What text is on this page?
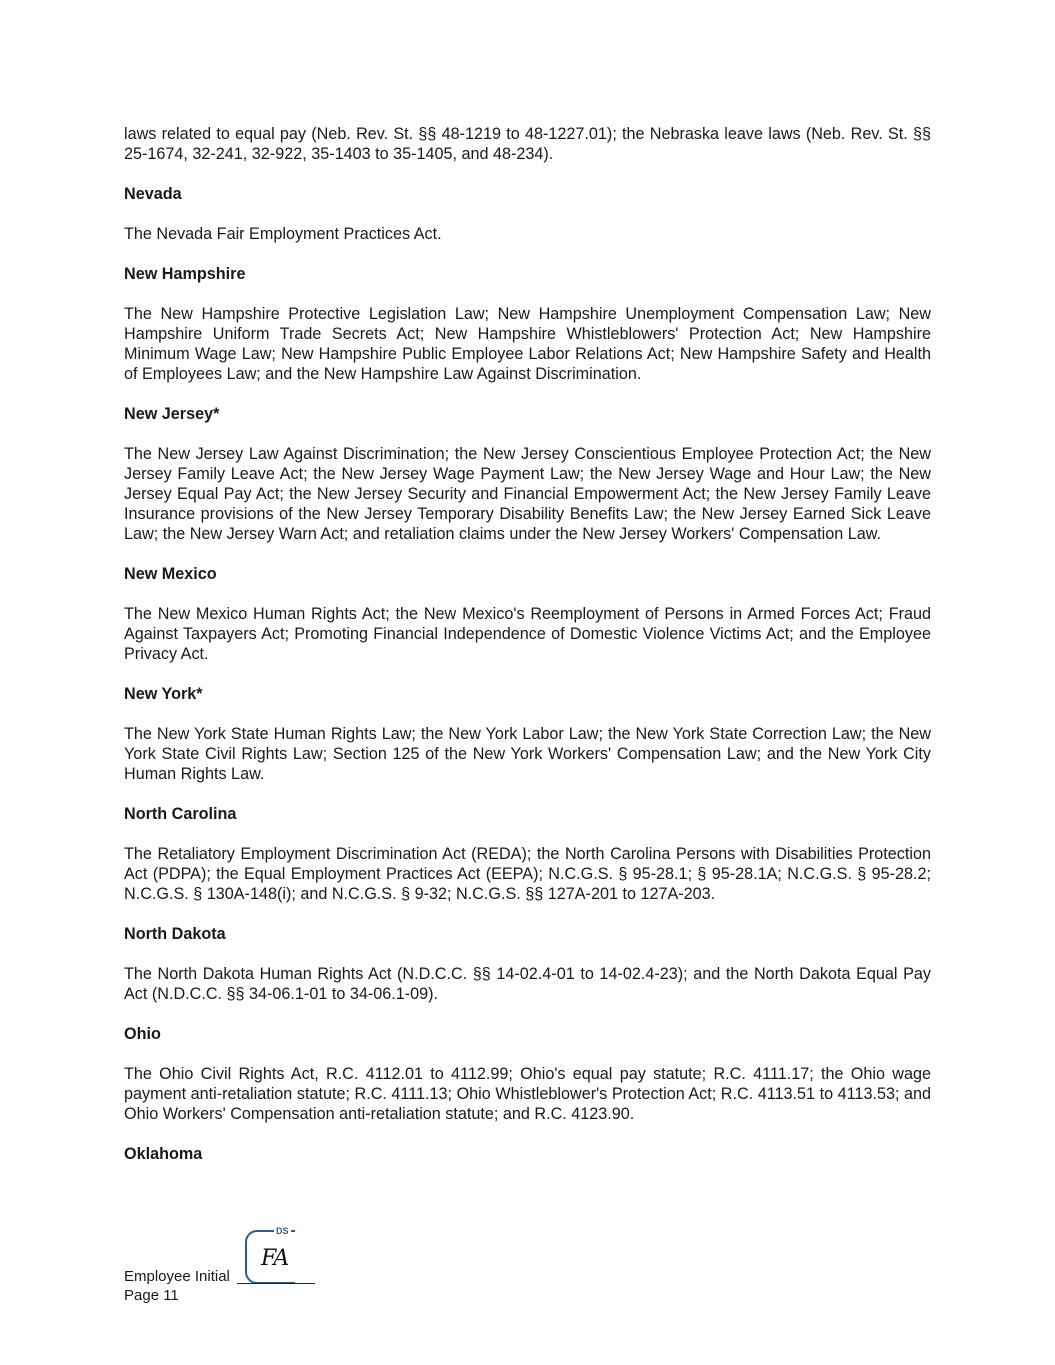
laws related to equal pay (Neb. Rev. St. §§ 48-1219 to 48-1227.01); the Nebraska leave laws (Neb. Rev. St. §§ 25-1674, 32-241, 32-922, 35-1403 to 35-1405, and 48-234).

Nevada

The Nevada Fair Employment Practices Act.

New Hampshire

The New Hampshire Protective Legislation Law; New Hampshire Unemployment Compensation Law; New Hampshire Uniform Trade Secrets Act; New Hampshire Whistleblowers' Protection Act; New Hampshire Minimum Wage Law; New Hampshire Public Employee Labor Relations Act; New Hampshire Safety and Health of Employees Law; and the New Hampshire Law Against Discrimination.

New Jersey*

The New Jersey Law Against Discrimination; the New Jersey Conscientious Employee Protection Act; the New Jersey Family Leave Act; the New Jersey Wage Payment Law; the New Jersey Wage and Hour Law; the New Jersey Equal Pay Act; the New Jersey Security and Financial Empowerment Act; the New Jersey Family Leave Insurance provisions of the New Jersey Temporary Disability Benefits Law; the New Jersey Earned Sick Leave Law; the New Jersey Warn Act; and retaliation claims under the New Jersey Workers' Compensation Law.

New Mexico

The New Mexico Human Rights Act; the New Mexico's Reemployment of Persons in Armed Forces Act; Fraud Against Taxpayers Act; Promoting Financial Independence of Domestic Violence Victims Act; and the Employee Privacy Act.

New York*

The New York State Human Rights Law; the New York Labor Law; the New York State Correction Law; the New York State Civil Rights Law; Section 125 of the New York Workers' Compensation Law; and the New York City Human Rights Law.

North Carolina

The Retaliatory Employment Discrimination Act (REDA); the North Carolina Persons with Disabilities Protection Act (PDPA); the Equal Employment Practices Act (EEPA); N.C.G.S. § 95-28.1; § 95-28.1A; N.C.G.S. § 95-28.2; N.C.G.S. § 130A-148(i); and N.C.G.S. § 9-32; N.C.G.S. §§ 127A-201 to 127A-203.

North Dakota

The North Dakota Human Rights Act (N.D.C.C. §§ 14-02.4-01 to 14-02.4-23); and the North Dakota Equal Pay Act (N.D.C.C. §§ 34-06.1-01 to 34-06.1-09).

Ohio

The Ohio Civil Rights Act, R.C. 4112.01 to 4112.99; Ohio's equal pay statute; R.C. 4111.17; the Ohio wage payment anti-retaliation statute; R.C. 4111.13; Ohio Whistleblower's Protection Act; R.C. 4113.51 to 4113.53; and Ohio Workers' Compensation anti-retaliation statute; and R.C. 4123.90.

Oklahoma
DS
FA
Employee Initial
Page 11
